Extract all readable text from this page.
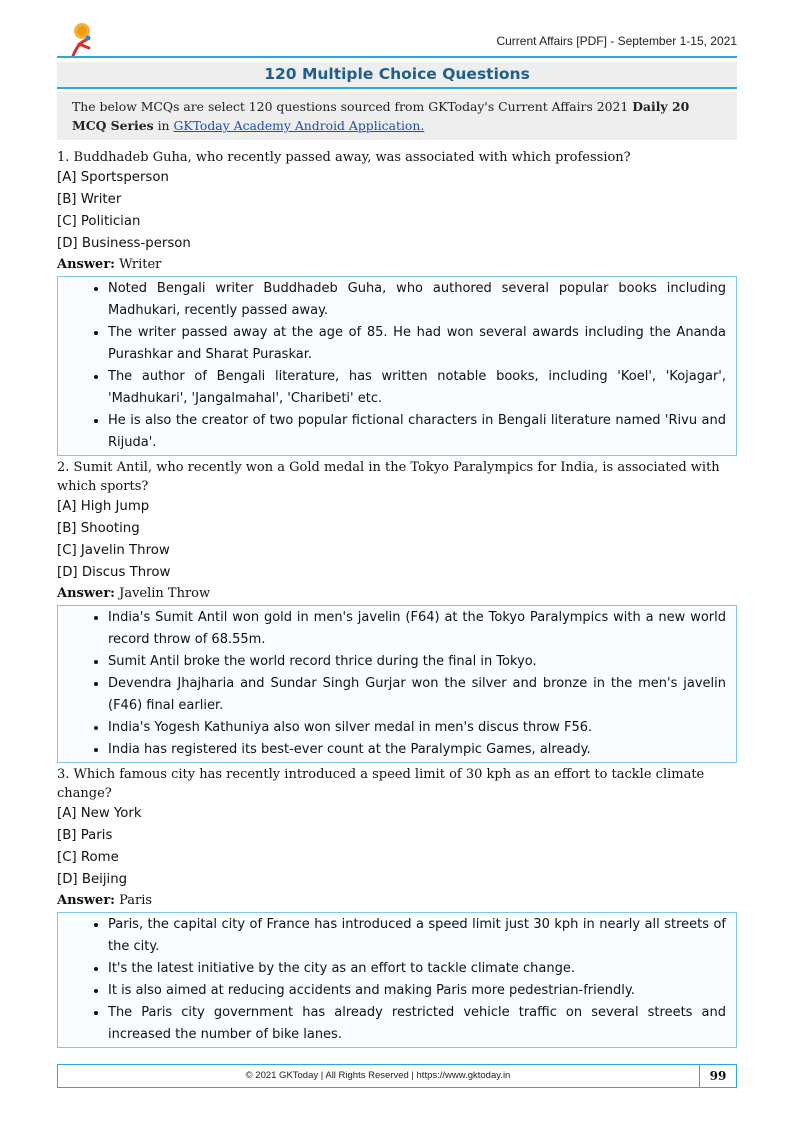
Current Affairs [PDF] - September 1-15, 2021
120 Multiple Choice Questions
The below MCQs are select 120 questions sourced from GKToday's Current Affairs 2021 Daily 20 MCQ Series in GKToday Academy Android Application.

1. Buddhadeb Guha, who recently passed away, was associated with which profession?

[A] Sportsperson

[B] Writer

[C] Politician

[D] Business-person

Answer: Writer

• Noted Bengali writer Buddhadeb Guha, who authored several popular books including Madhukari, recently passed away.
• The writer passed away at the age of 85. He had won several awards including the Ananda Purashkar and Sharat Puraskar.
• The author of Bengali literature, has written notable books, including 'Koel', 'Kojagar', 'Madhukari', 'Jangalmahal', 'Charibeti' etc.
• He is also the creator of two popular fictional characters in Bengali literature named 'Rivu and Rijuda'.

2. Sumit Antil, who recently won a Gold medal in the Tokyo Paralympics for India, is associated with which sports?

[A] High Jump

[B] Shooting

[C] Javelin Throw

[D] Discus Throw

Answer: Javelin Throw

• India's Sumit Antil won gold in men's javelin (F64) at the Tokyo Paralympics with a new world record throw of 68.55m.
• Sumit Antil broke the world record thrice during the final in Tokyo.
• Devendra Jhajharia and Sundar Singh Gurjar won the silver and bronze in the men's javelin (F46) final earlier.
• India's Yogesh Kathuniya also won silver medal in men's discus throw F56.
• India has registered its best-ever count at the Paralympic Games, already.

3. Which famous city has recently introduced a speed limit of 30 kph as an effort to tackle climate change?

[A] New York

[B] Paris

[C] Rome

[D] Beijing

Answer: Paris

• Paris, the capital city of France has introduced a speed limit just 30 kph in nearly all streets of the city.
• It's the latest initiative by the city as an effort to tackle climate change.
• It is also aimed at reducing accidents and making Paris more pedestrian-friendly.
• The Paris city government has already restricted vehicle traffic on several streets and increased the number of bike lanes.
© 2021 GKToday | All Rights Reserved | https://www.gktoday.in	99
